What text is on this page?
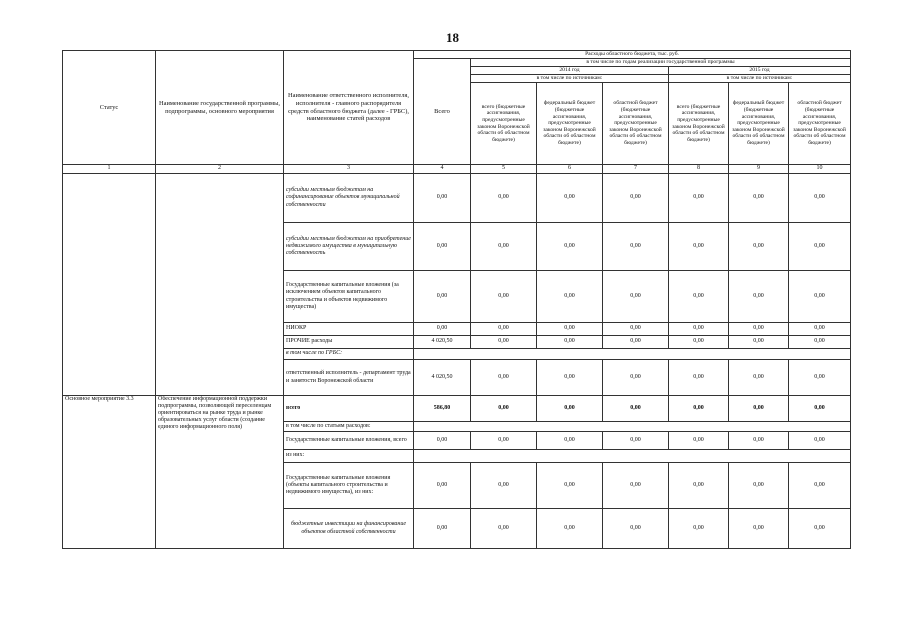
18
Статус	Наименование государственной программы, подпрограммы, основного мероприятия	Наименование ответственного исполнителя, исполнителя - главного распорядителя средств областного бюджета (далее - ГРБС), наименование статей расходов	Расходы областного бюджета, тыс. руб.						
			Всего	в том числе по годам реализации государственной программы					
				2014 год			2015 год		
				в том числе по источникам:			в том числе по источникам:		
				всего (бюджетные ассигнования, предусмотренные законом Воронежской области об областном бюджете)	федеральный бюджет (бюджетные ассигнования, предусмотренные законом Воронежской области об областном бюджете)	областной бюджет (бюджетные ассигнования, предусмотренные законом Воронежской области об областном бюджете)	всего (бюджетные ассигнования, предусмотренные законом Воронежской области об областном бюджете)	федеральный бюджет (бюджетные ассигнования, предусмотренные законом Воронежской области об областном бюджете)	областной бюджет (бюджетные ассигнования, предусмотренные законом Воронежской области об областном бюджете)

1	2	3	4	5	6	7	8	9	10
		субсидии местным бюджетам на софинансирование объектов муниципальной собственности	0,00	0,00	0,00	0,00	0,00	0,00	0,00
		субсидии местным бюджетам на приобретение недвижимого имущества в муниципальную собственность	0,00	0,00	0,00	0,00	0,00	0,00	0,00
		Государственные капитальные вложения (за исключением объектов капитального строительства и объектов недвижимого имущества)	0,00	0,00	0,00	0,00	0,00	0,00	0,00
		НИОКР	0,00	0,00	0,00	0,00	0,00	0,00	0,00
		ПРОЧИЕ расходы	4 020,50	0,00	0,00	0,00	0,00	0,00	0,00
		в том числе по ГРБС:							
		ответственный исполнитель - департамент труда и занятости Воронежской области	4 020,50	0,00	0,00	0,00	0,00	0,00	0,00
Основное мероприятие 3.3	Обеспечение информационной поддержки подпрограммы, позволяющей переселенцам ориентироваться на рынке труда и рынке образовательных услуг области (создание единого информационного поля)	всего	586,80	0,00	0,00	0,00	0,00	0,00	0,00
		в том числе по статьям расходов:							
		Государственные капитальные вложения, всего	0,00	0,00	0,00	0,00	0,00	0,00	0,00
		из них:							
		Государственные капитальные вложения (объекты капитального строительства и недвижимого имущества), из них:	0,00	0,00	0,00	0,00	0,00	0,00	0,00
		бюджетные инвестиции на финансирование объектов областной собственности	0,00	0,00	0,00	0,00	0,00	0,00	0,00
